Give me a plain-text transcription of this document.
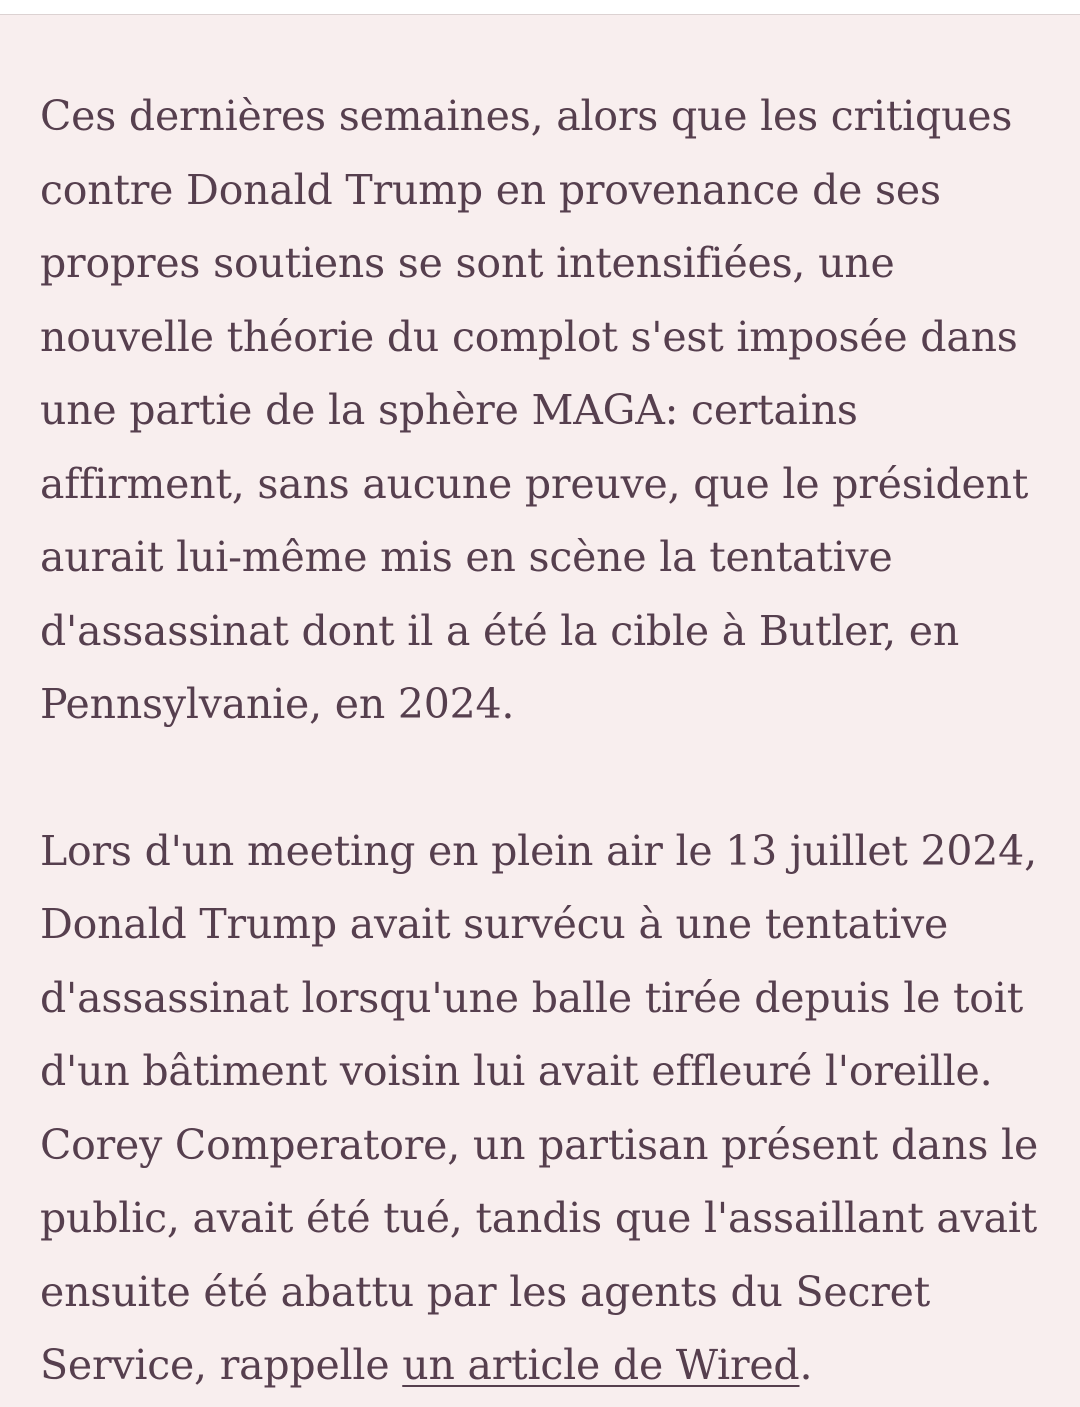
Ces dernières semaines, alors que les critiques contre Donald Trump en provenance de ses propres soutiens se sont intensifiées, une nouvelle théorie du complot s'est imposée dans une partie de la sphère MAGA: certains affirment, sans aucune preuve, que le président aurait lui-même mis en scène la tentative d'assassinat dont il a été la cible à Butler, en Pennsylvanie, en 2024.

Lors d'un meeting en plein air le 13 juillet 2024, Donald Trump avait survécu à une tentative d'assassinat lorsqu'une balle tirée depuis le toit d'un bâtiment voisin lui avait effleuré l'oreille. Corey Comperatore, un partisan présent dans le public, avait été tué, tandis que l'assaillant avait ensuite été abattu par les agents du Secret Service, rappelle un article de Wired.
